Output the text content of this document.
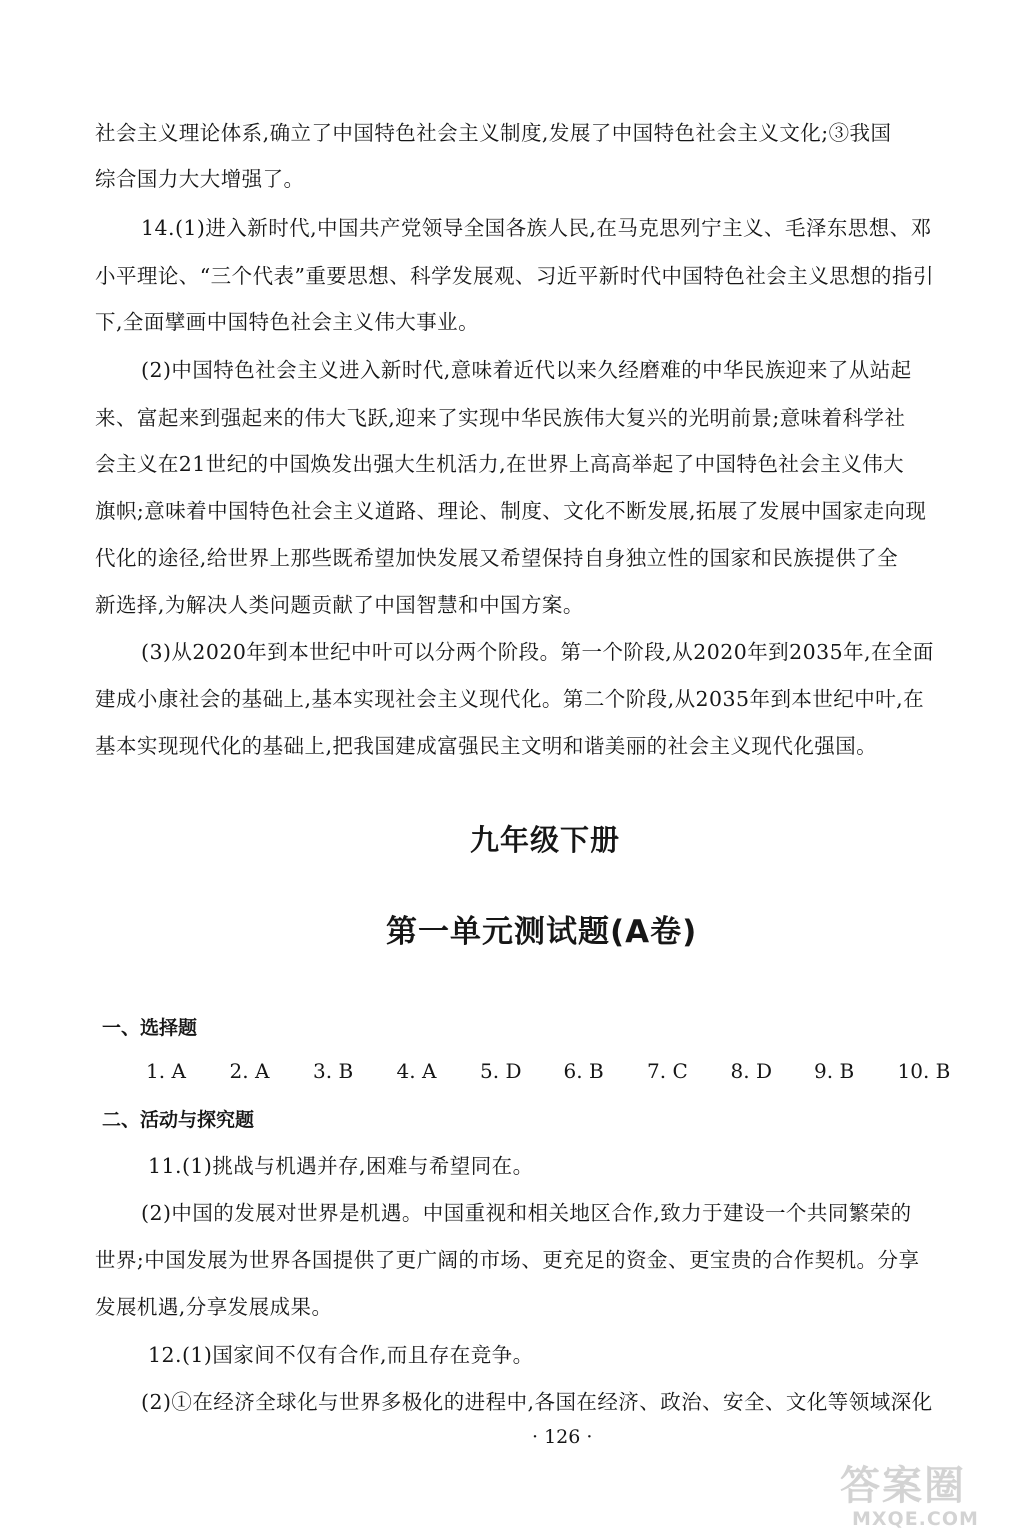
社会主义理论体系,确立了中国特色社会主义制度,发展了中国特色社会主义文化;③我国
综合国力大大增强了。
14.(1)进入新时代,中国共产党领导全国各族人民,在马克思列宁主义、毛泽东思想、邓
小平理论、“三个代表”重要思想、科学发展观、习近平新时代中国特色社会主义思想的指引
下,全面擘画中国特色社会主义伟大事业。
(2)中国特色社会主义进入新时代,意味着近代以来久经磨难的中华民族迎来了从站起
来、富起来到强起来的伟大飞跃,迎来了实现中华民族伟大复兴的光明前景;意味着科学社
会主义在21世纪的中国焕发出强大生机活力,在世界上高高举起了中国特色社会主义伟大
旗帜;意味着中国特色社会主义道路、理论、制度、文化不断发展,拓展了发展中国家走向现
代化的途径,给世界上那些既希望加快发展又希望保持自身独立性的国家和民族提供了全
新选择,为解决人类问题贡献了中国智慧和中国方案。
(3)从2020年到本世纪中叶可以分两个阶段。第一个阶段,从2020年到2035年,在全面
建成小康社会的基础上,基本实现社会主义现代化。第二个阶段,从2035年到本世纪中叶,在
基本实现现代化的基础上,把我国建成富强民主文明和谐美丽的社会主义现代化强国。
九年级下册
第一单元测试题(A卷)
一、选择题
1. A	2. A	3. B	4. A	5. D	6. B	7. C	8. D	9. B	10. B
二、活动与探究题
11.(1)挑战与机遇并存,困难与希望同在。
(2)中国的发展对世界是机遇。中国重视和相关地区合作,致力于建设一个共同繁荣的
世界;中国发展为世界各国提供了更广阔的市场、更充足的资金、更宝贵的合作契机。分享
发展机遇,分享发展成果。
12.(1)国家间不仅有合作,而且存在竞争。
(2)①在经济全球化与世界多极化的进程中,各国在经济、政治、安全、文化等领域深化
· 126 ·
答案圈
MXQE.COM
